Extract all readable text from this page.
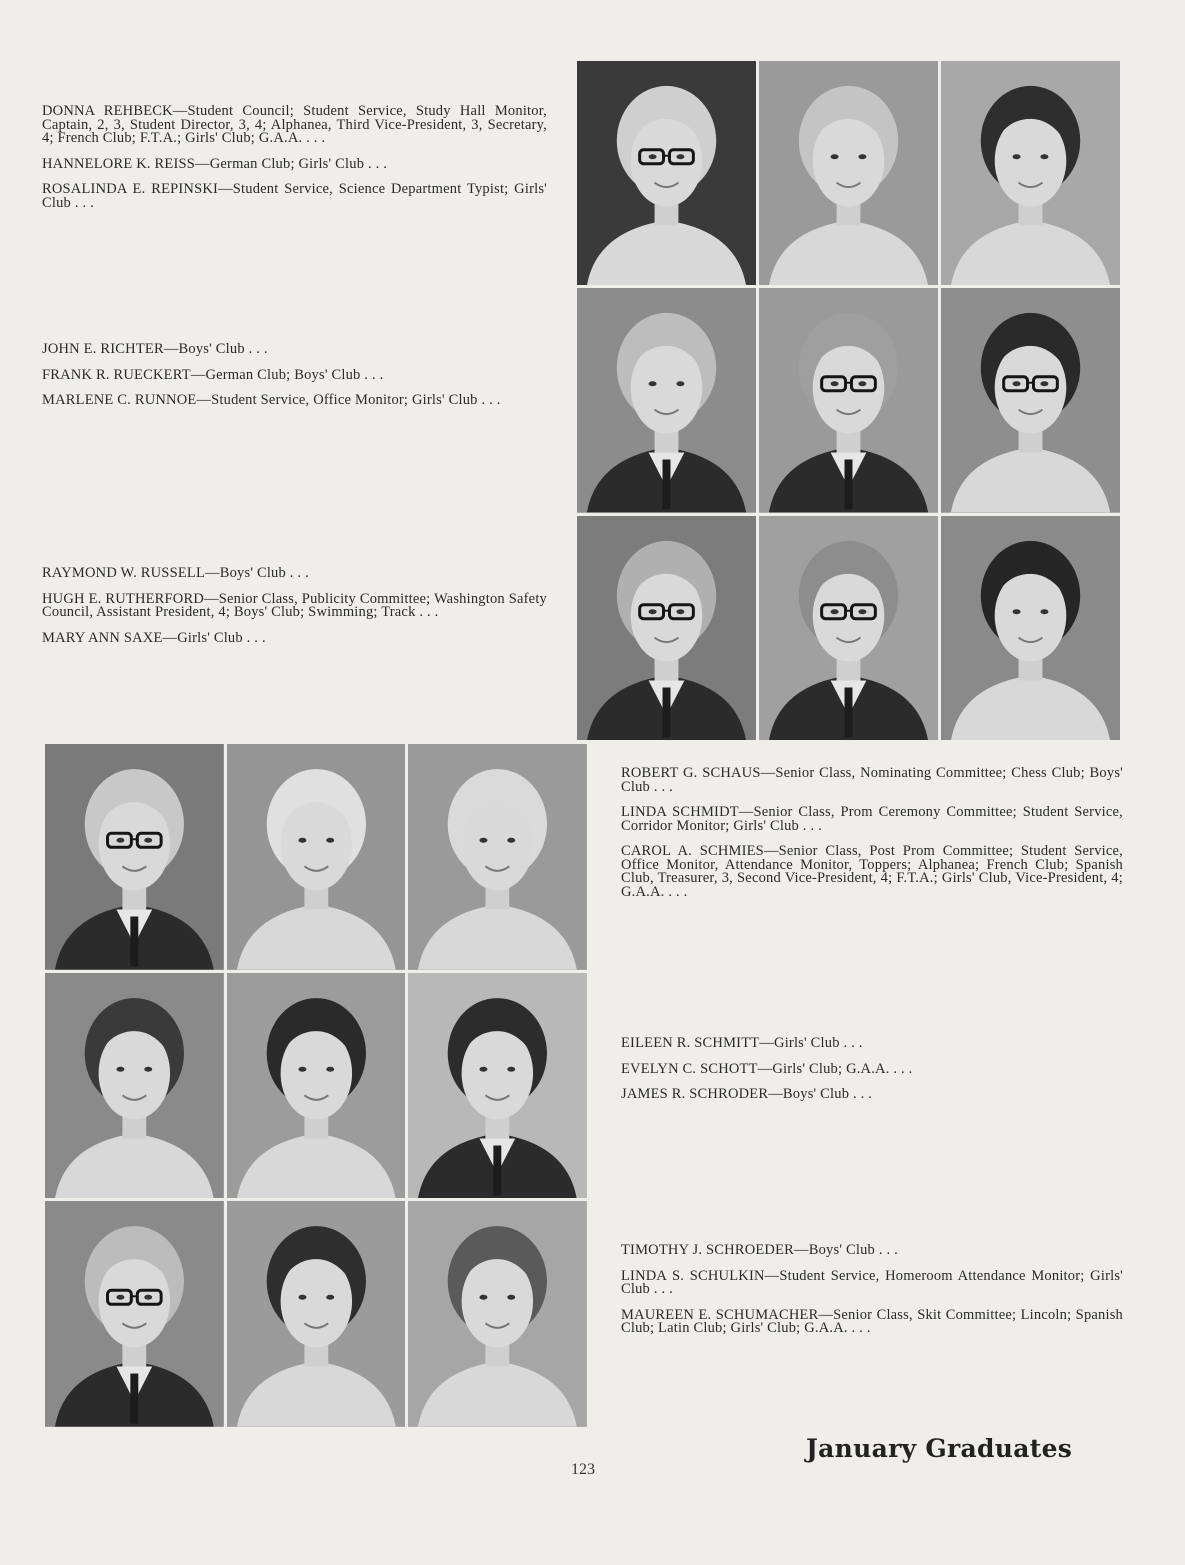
DONNA REHBECK—Student Council; Student Service, Study Hall Monitor, Captain, 2, 3, Student Director, 3, 4; Alphanea, Third Vice-President, 3, Secretary, 4; French Club; F.T.A.; Girls' Club; G.A.A. . . .

HANNELORE K. REISS—German Club; Girls' Club . . .

ROSALINDA E. REPINSKI—Student Service, Science Department Typist; Girls' Club . . .

JOHN E. RICHTER—Boys' Club . . .

FRANK R. RUECKERT—German Club; Boys' Club . . .

MARLENE C. RUNNOE—Student Service, Office Monitor; Girls' Club . . .

RAYMOND W. RUSSELL—Boys' Club . . .

HUGH E. RUTHERFORD—Senior Class, Publicity Committee; Washington Safety Council, Assistant President, 4; Boys' Club; Swimming; Track . . .

MARY ANN SAXE—Girls' Club . . .

ROBERT G. SCHAUS—Senior Class, Nominating Committee; Chess Club; Boys' Club . . .

LINDA SCHMIDT—Senior Class, Prom Ceremony Committee; Student Service, Corridor Monitor; Girls' Club . . .

CAROL A. SCHMIES—Senior Class, Post Prom Committee; Student Service, Office Monitor, Attendance Monitor, Toppers; Alphanea; French Club; Spanish Club, Treasurer, 3, Second Vice-President, 4; F.T.A.; Girls' Club, Vice-President, 4; G.A.A. . . .

EILEEN R. SCHMITT—Girls' Club . . .

EVELYN C. SCHOTT—Girls' Club; G.A.A. . . .

JAMES R. SCHRODER—Boys' Club . . .

TIMOTHY J. SCHROEDER—Boys' Club . . .

LINDA S. SCHULKIN—Student Service, Homeroom Attendance Monitor; Girls' Club . . .

MAUREEN E. SCHUMACHER—Senior Class, Skit Committee; Lincoln; Spanish Club; Latin Club; Girls' Club; G.A.A. . . .

123
January Graduates
